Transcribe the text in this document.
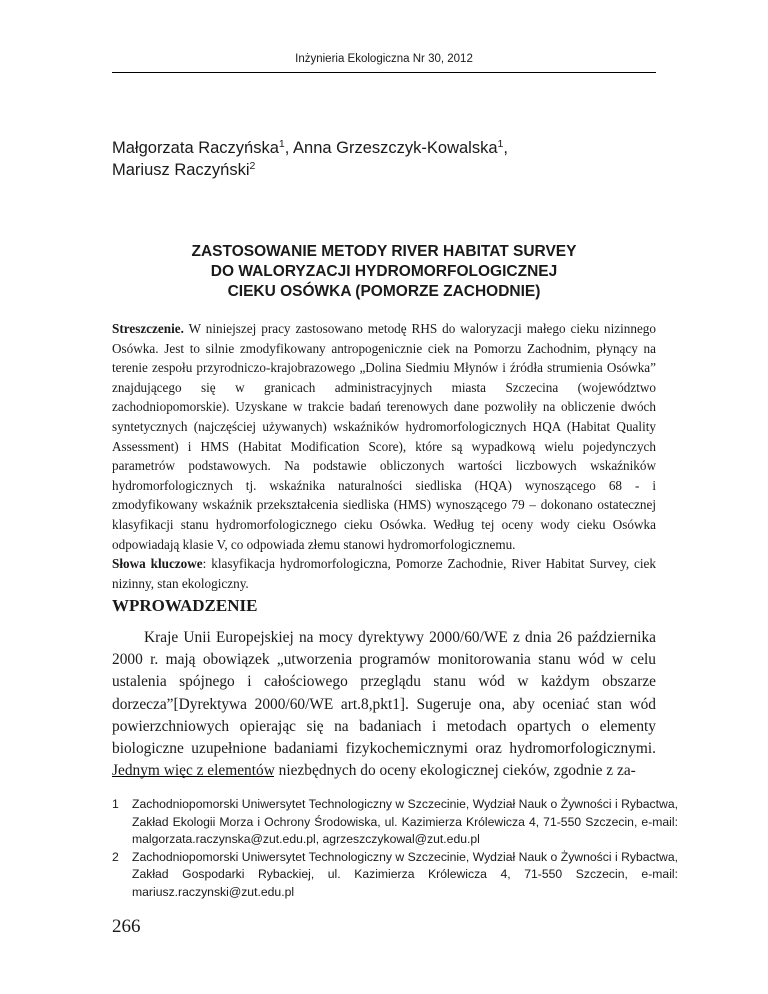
Inżynieria Ekologiczna Nr 30, 2012
Małgorzata Raczyńska$^1$, Anna Grzeszczyk-Kowalska$^1$,
Mariusz Raczyński$^2$
ZASTOSOWANIE METODY RIVER HABITAT SURVEY
DO WALORYZACJI HYDROMORFOLOGICZNEJ
CIEKU OSÓWKA (POMORZE ZACHODNIE)

Streszczenie. W niniejszej pracy zastosowano metodę RHS do waloryzacji małego cieku nizinnego Osówka. Jest to silnie zmodyfikowany antropogenicznie ciek na Pomorzu Zachodnim, płynący na terenie zespołu przyrodniczo-krajobrazowego „Dolina Siedmiu Młynów i źródła strumienia Osówka” znajdującego się w granicach administracyjnych miasta Szczecina (województwo zachodniopomorskie). Uzyskane w trakcie badań terenowych dane pozwoliły na obliczenie dwóch syntetycznych (najczęściej używanych) wskaźników hydromorfologicznych HQA (Habitat Quality Assessment) i HMS (Habitat Modification Score), które są wypadkową wielu pojedynczych parametrów podstawowych. Na podstawie obliczonych wartości liczbowych wskaźników hydromorfologicznych tj. wskaźnika naturalności siedliska (HQA) wynoszącego 68 - i zmodyfikowany wskaźnik przekształcenia siedliska (HMS) wynoszącego 79 – dokonano ostatecznej klasyfikacji stanu hydromorfologicznego cieku Osówka. Według tej oceny wody cieku Osówka odpowiadają klasie V, co odpowiada złemu stanowi hydromorfologicznemu.

Słowa kluczowe: klasyfikacja hydromorfologiczna, Pomorze Zachodnie, River Habitat Survey, ciek nizinny, stan ekologiczny.

WPROWADZENIE

Kraje Unii Europejskiej na mocy dyrektywy 2000/60/WE z dnia 26 październik‌a 2000 r. mają obowiązek „utworzenia programów monitorowania stanu wód w celu ustalenia spójnego i całościowego przeglądu stanu wód w każdym obszarze dorzecza”[Dyrektywa 2000/60/WE art.8,pkt1]. Sugeruje ona, aby oceniać stan wód powierzchniowych opierając się na badaniach i metodach opartych o elementy biologiczne uzupełnione badaniami fizykochemicznymi oraz hydromorfologicznymi. Jednym więc z elementów niezbędnych do oceny ekologicznej cieków, zgodnie z za-

1	Zachodniopomorski Uniwersytet Technologiczny w Szczecinie, Wydział Nauk o Żywności i Rybactwa, Zakład Ekologii Morza i Ochrony Środowiska, ul. Kazimierza Królewicza 4, 71-550 Szczecin, e-mail: malgorzata.raczynska@zut.edu.pl, agrzeszczykowal@zut.edu.pl
2	Zachodniopomorski Uniwersytet Technologiczny w Szczecinie, Wydział Nauk o Żywności i Rybactwa, Zakład Gospodarki Rybackiej, ul. Kazimierza Królewicza 4, 71-550 Szczecin, e-mail: mariusz.raczynski@zut.edu.pl
266
